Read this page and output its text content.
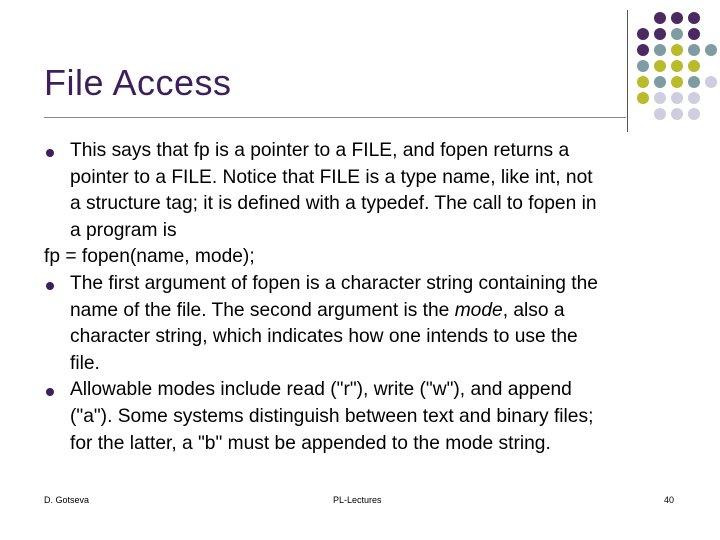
File Access
This says that fp is a pointer to a FILE, and fopen returns a
pointer to a FILE. Notice that FILE is a type name, like int, not
a structure tag; it is defined with a typedef. The call to fopen in
a program is
fp = fopen(name, mode);
The first argument of fopen is a character string containing the
name of the file. The second argument is the mode, also a
character string, which indicates how one intends to use the
file.
Allowable modes include read ("r"), write ("w"), and append
("a"). Some systems distinguish between text and binary files;
for the latter, a "b" must be appended to the mode string.
D. Gotseva	PL-Lectures	40
